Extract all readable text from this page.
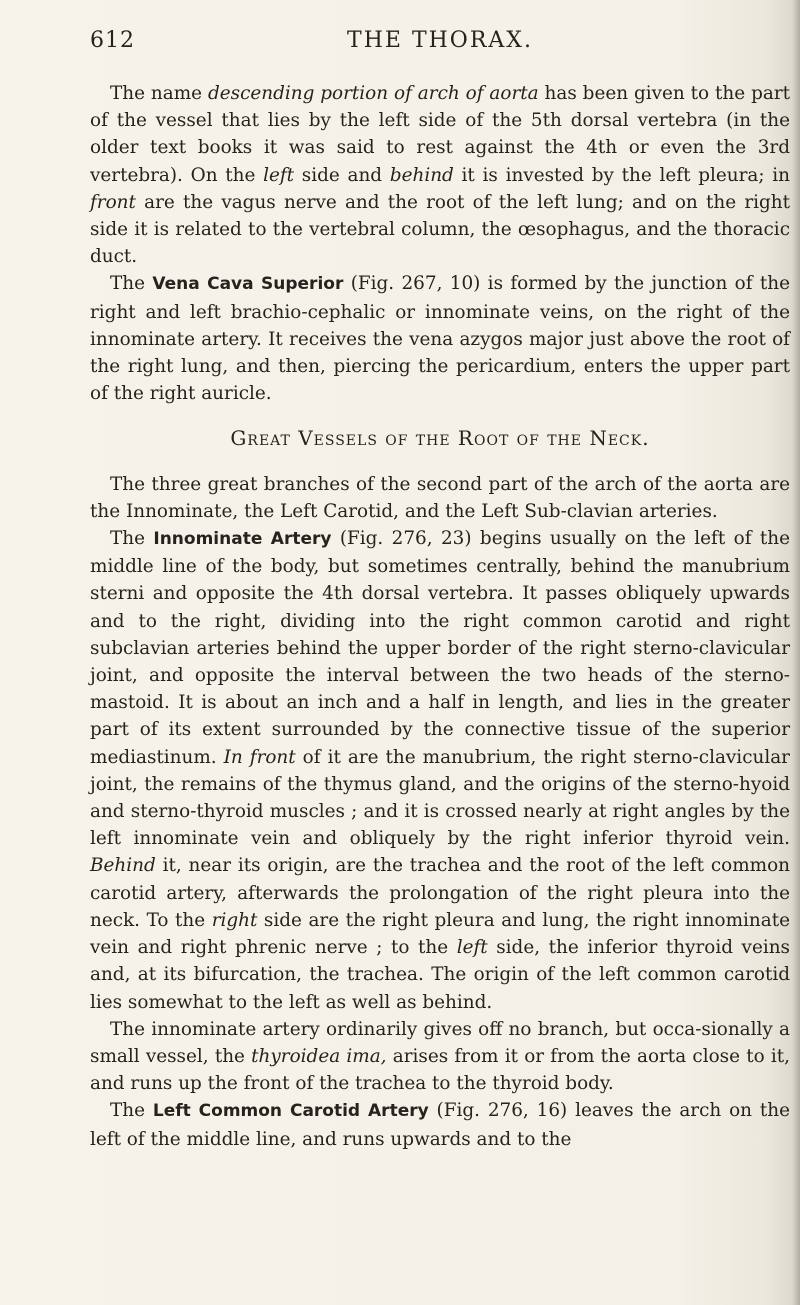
612	THE THORAX.

The name descending portion of arch of aorta has been given to the part of the vessel that lies by the left side of the 5th dorsal vertebra (in the older text books it was said to rest against the 4th or even the 3rd vertebra). On the left side and behind it is invested by the left pleura; in front are the vagus nerve and the root of the left lung; and on the right side it is related to the vertebral column, the œsophagus, and the thoracic duct.

The Vena Cava Superior (Fig. 267, 10) is formed by the junction of the right and left brachio-cephalic or innominate veins, on the right of the innominate artery. It receives the vena azygos major just above the root of the right lung, and then, piercing the pericardium, enters the upper part of the right auricle.

Great Vessels of the Root of the Neck.

The three great branches of the second part of the arch of the aorta are the Innominate, the Left Carotid, and the Left Sub-clavian arteries.

The Innominate Artery (Fig. 276, 23) begins usually on the left of the middle line of the body, but sometimes centrally, behind the manubrium sterni and opposite the 4th dorsal vertebra. It passes obliquely upwards and to the right, dividing into the right common carotid and right subclavian arteries behind the upper border of the right sterno-clavicular joint, and opposite the interval between the two heads of the sterno-mastoid. It is about an inch and a half in length, and lies in the greater part of its extent surrounded by the connective tissue of the superior mediastinum. In front of it are the manubrium, the right sterno-clavicular joint, the remains of the thymus gland, and the origins of the sterno-hyoid and sterno-thyroid muscles ; and it is crossed nearly at right angles by the left innominate vein and obliquely by the right inferior thyroid vein. Behind it, near its origin, are the trachea and the root of the left common carotid artery, afterwards the prolongation of the right pleura into the neck. To the right side are the right pleura and lung, the right innominate vein and right phrenic nerve ; to the left side, the inferior thyroid veins and, at its bifurcation, the trachea. The origin of the left common carotid lies somewhat to the left as well as behind.

The innominate artery ordinarily gives off no branch, but occa-sionally a small vessel, the thyroidea ima, arises from it or from the aorta close to it, and runs up the front of the trachea to the thyroid body.

The Left Common Carotid Artery (Fig. 276, 16) leaves the arch on the left of the middle line, and runs upwards and to the
